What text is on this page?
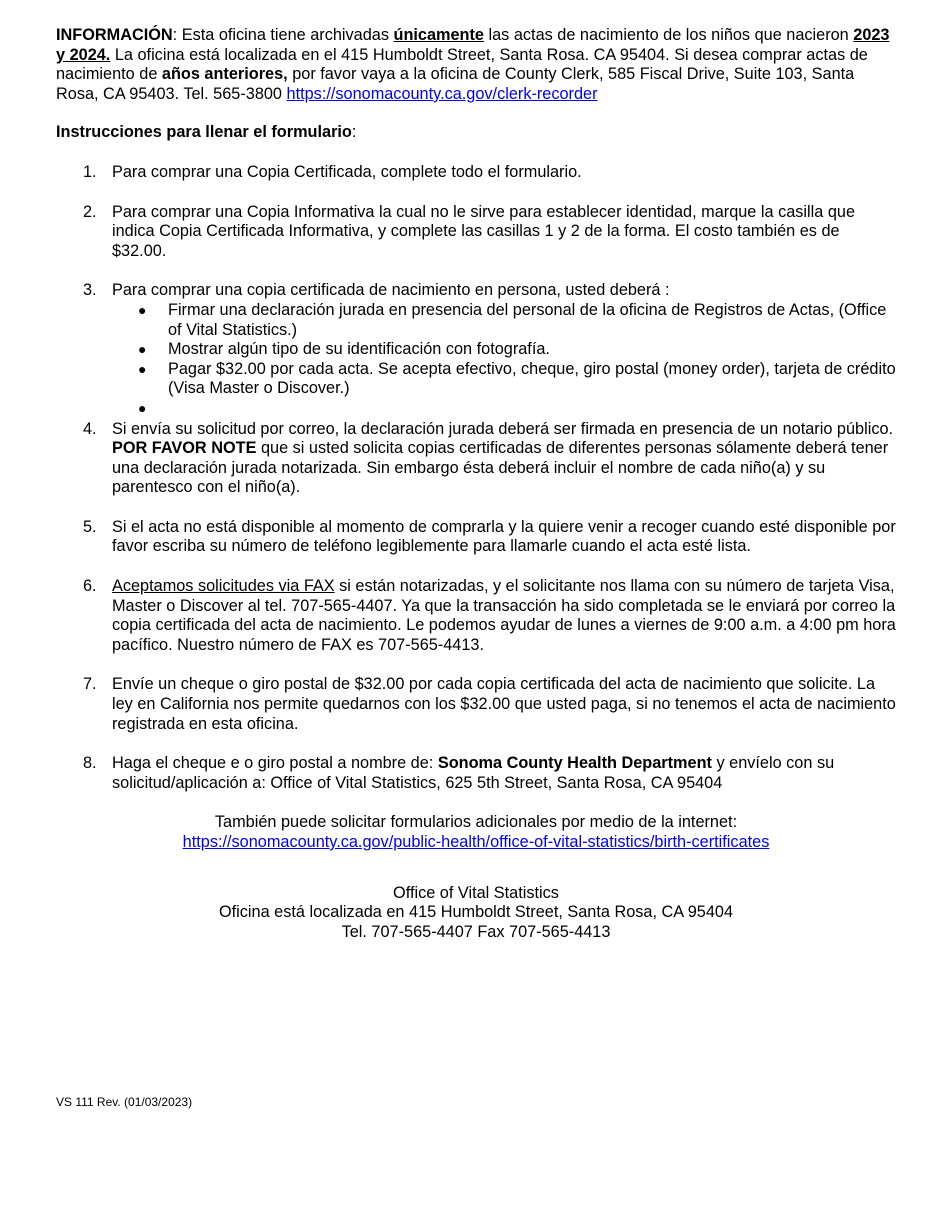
INFORMACIÓN: Esta oficina tiene archivadas únicamente las actas de nacimiento de los niños que nacieron 2023 y 2024. La oficina está localizada en el 415 Humboldt Street, Santa Rosa. CA 95404. Si desea comprar actas de nacimiento de años anteriores, por favor vaya a la oficina de County Clerk, 585 Fiscal Drive, Suite 103, Santa Rosa, CA 95403. Tel. 565-3800 https://sonomacounty.ca.gov/clerk-recorder

Instrucciones para llenar el formulario:

1. Para comprar una Copia Certificada, complete todo el formulario.
2. Para comprar una Copia Informativa la cual no le sirve para establecer identidad, marque la casilla que indica Copia Certificada Informativa, y complete las casillas 1 y 2 de la forma. El costo también es de $32.00.
3. Para comprar una copia certificada de nacimiento en persona, usted deberá :
● Firmar una declaración jurada en presencia del personal de la oficina de Registros de Actas, (Office of Vital Statistics.)
● Mostrar algún tipo de su identificación con fotografía.
● Pagar $32.00 por cada acta. Se acepta efectivo, cheque, giro postal (money order), tarjeta de crédito (Visa Master o Discover.)
●

4. Si envía su solicitud por correo, la declaración jurada deberá ser firmada en presencia de un notario público. POR FAVOR NOTE que si usted solicita copias certificadas de diferentes personas sólamente deberá tener una declaración jurada notarizada. Sin embargo ésta deberá incluir el nombre de cada niño(a) y su parentesco con el niño(a).
5. Si el acta no está disponible al momento de comprarla y la quiere venir a recoger cuando esté disponible por favor escriba su número de teléfono legiblemente para llamarle cuando el acta esté lista.
6. Aceptamos solicitudes via FAX si están notarizadas, y el solicitante nos llama con su número de tarjeta Visa, Master o Discover al tel. 707-565-4407. Ya que la transacción ha sido completada se le enviará por correo la copia certificada del acta de nacimiento. Le podemos ayudar de lunes a viernes de 9:00 a.m. a 4:00 pm hora pacífico. Nuestro número de FAX es 707-565-4413.
7. Envíe un cheque o giro postal de $32.00 por cada copia certificada del acta de nacimiento que solicite. La ley en California nos permite quedarnos con los $32.00 que usted paga, si no tenemos el acta de nacimiento registrada en esta oficina.
8. Haga el cheque e o giro postal a nombre de: Sonoma County Health Department y envíelo con su solicitud/aplicación a: Office of Vital Statistics, 625 5th Street, Santa Rosa, CA 95404

También puede solicitar formularios adicionales por medio de la internet:

https://sonomacounty.ca.gov/public-health/office-of-vital-statistics/birth-certificates

Office of Vital Statistics

Oficina está localizada en 415 Humboldt Street, Santa Rosa, CA 95404

Tel. 707-565-4407 Fax 707-565-4413

VS 111 Rev. (01/03/2023)
